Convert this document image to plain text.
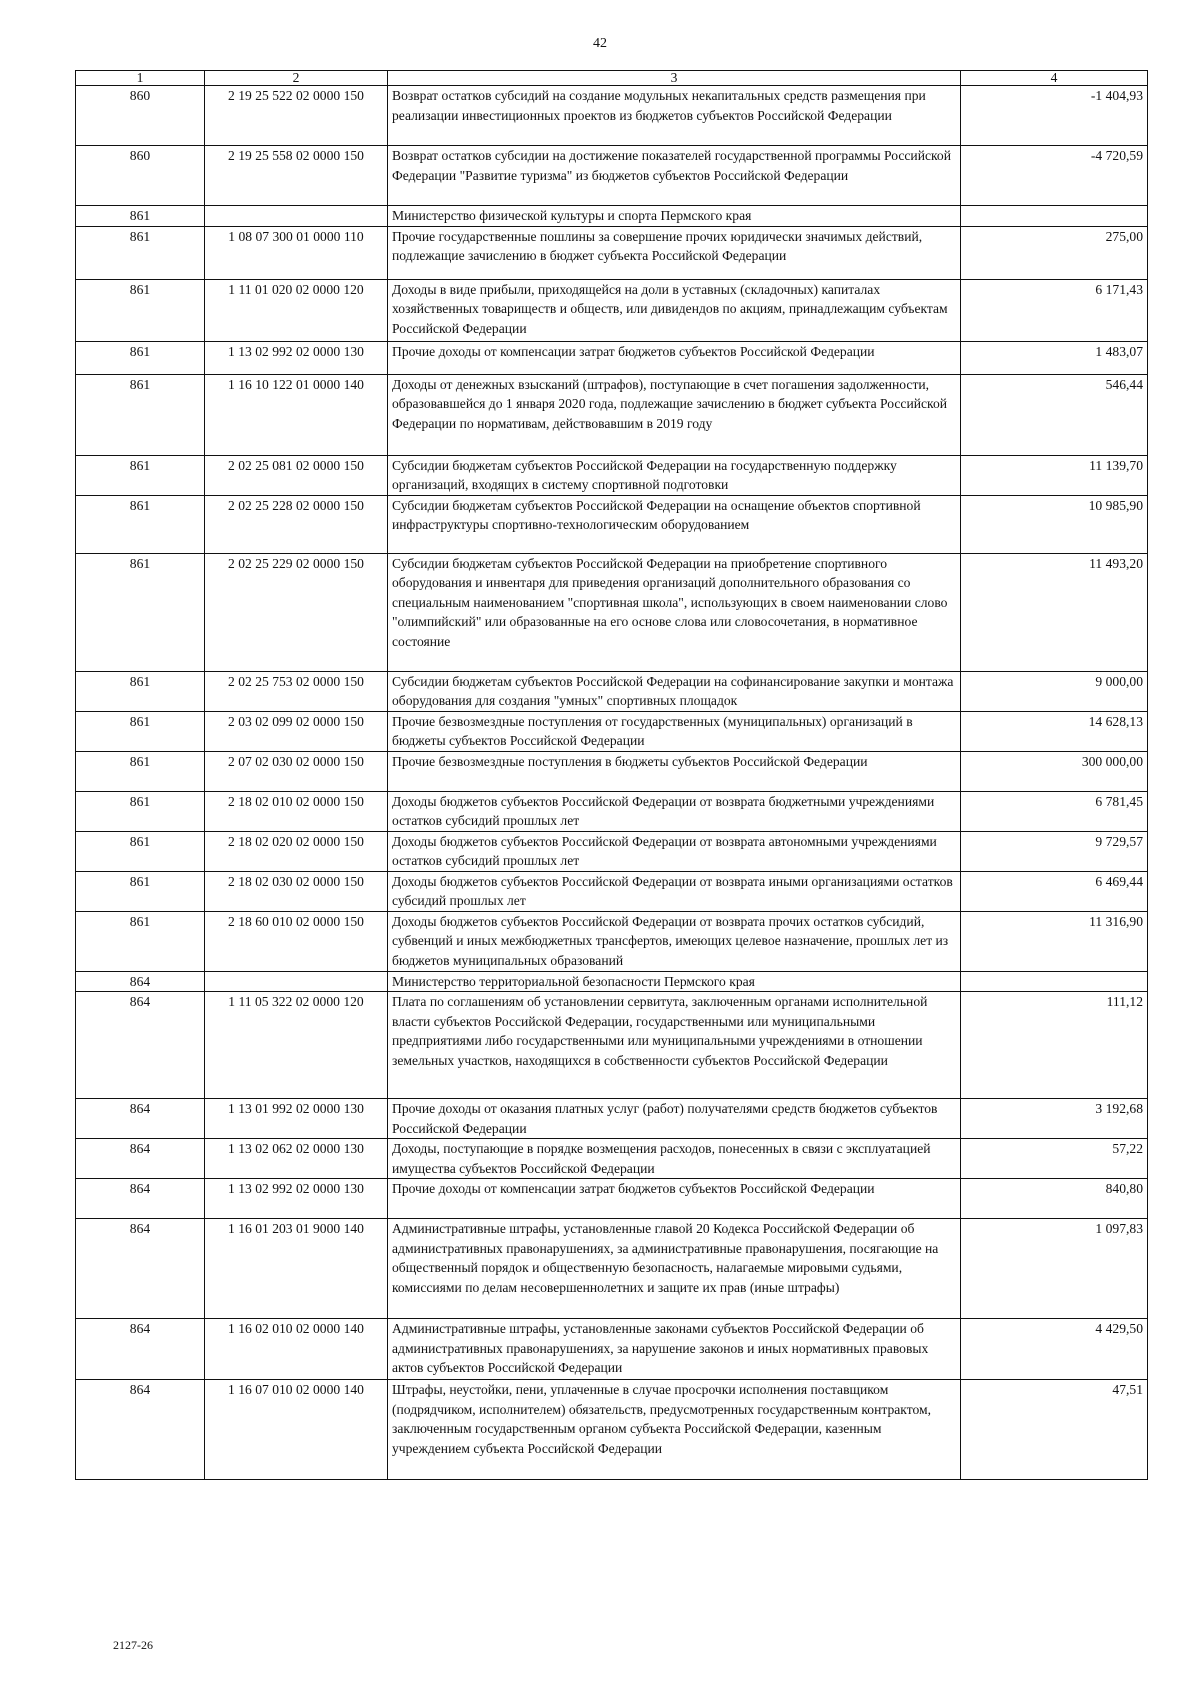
42
1	2	3	4
860	2 19 25 522 02 0000 150	Возврат остатков субсидий на создание модульных некапитальных средств размещения при реализации инвестиционных проектов из бюджетов субъектов Российской Федерации	-1 404,93
860	2 19 25 558 02 0000 150	Возврат остатков субсидии на достижение показателей государственной программы Российской Федерации "Развитие туризма" из бюджетов субъектов Российской Федерации	-4 720,59
861		Министерство физической культуры и спорта Пермского края	
861	1 08 07 300 01 0000 110	Прочие государственные пошлины за совершение прочих юридически значимых действий, подлежащие зачислению в бюджет субъекта Российской Федерации	275,00
861	1 11 01 020 02 0000 120	Доходы в виде прибыли, приходящейся на доли в уставных (складочных) капиталах хозяйственных товариществ и обществ, или дивидендов по акциям, принадлежащим субъектам Российской Федерации	6 171,43
861	1 13 02 992 02 0000 130	Прочие доходы от компенсации затрат бюджетов субъектов Российской Федерации	1 483,07
861	1 16 10 122 01 0000 140	Доходы от денежных взысканий (штрафов), поступающие в счет погашения задолженности, образовавшейся до 1 января 2020 года, подлежащие зачислению в бюджет субъекта Российской Федерации по нормативам, действовавшим в 2019 году	546,44
861	2 02 25 081 02 0000 150	Субсидии бюджетам субъектов Российской Федерации на государственную поддержку организаций, входящих в систему спортивной подготовки	11 139,70
861	2 02 25 228 02 0000 150	Субсидии бюджетам субъектов Российской Федерации на оснащение объектов спортивной инфраструктуры спортивно-технологическим оборудованием	10 985,90
861	2 02 25 229 02 0000 150	Субсидии бюджетам субъектов Российской Федерации на приобретение спортивного оборудования и инвентаря для приведения организаций дополнительного образования со специальным наименованием "спортивная школа", использующих в своем наименовании слово "олимпийский" или образованные на его основе слова или словосочетания, в нормативное состояние	11 493,20
861	2 02 25 753 02 0000 150	Субсидии бюджетам субъектов Российской Федерации на софинансирование закупки и монтажа оборудования для создания "умных" спортивных площадок	9 000,00
861	2 03 02 099 02 0000 150	Прочие безвозмездные поступления от государственных (муниципальных) организаций в бюджеты субъектов Российской Федерации	14 628,13
861	2 07 02 030 02 0000 150	Прочие безвозмездные поступления в бюджеты субъектов Российской Федерации	300 000,00
861	2 18 02 010 02 0000 150	Доходы бюджетов субъектов Российской Федерации от возврата бюджетными учреждениями остатков субсидий прошлых лет	6 781,45
861	2 18 02 020 02 0000 150	Доходы бюджетов субъектов Российской Федерации от возврата автономными учреждениями остатков субсидий прошлых лет	9 729,57
861	2 18 02 030 02 0000 150	Доходы бюджетов субъектов Российской Федерации от возврата иными организациями остатков субсидий прошлых лет	6 469,44
861	2 18 60 010 02 0000 150	Доходы бюджетов субъектов Российской Федерации от возврата прочих остатков субсидий, субвенций и иных межбюджетных трансфертов, имеющих целевое назначение, прошлых лет из бюджетов муниципальных образований	11 316,90
864		Министерство территориальной безопасности Пермского края	
864	1 11 05 322 02 0000 120	Плата по соглашениям об установлении сервитута, заключенным органами исполнительной власти субъектов Российской Федерации, государственными или муниципальными предприятиями либо государственными или муниципальными учреждениями в отношении земельных участков, находящихся в собственности субъектов Российской Федерации	111,12
864	1 13 01 992 02 0000 130	Прочие доходы от оказания платных услуг (работ) получателями средств бюджетов субъектов Российской Федерации	3 192,68
864	1 13 02 062 02 0000 130	Доходы, поступающие в порядке возмещения расходов, понесенных в связи с эксплуатацией имущества субъектов Российской Федерации	57,22
864	1 13 02 992 02 0000 130	Прочие доходы от компенсации затрат бюджетов субъектов Российской Федерации	840,80
864	1 16 01 203 01 9000 140	Административные штрафы, установленные главой 20 Кодекса Российской Федерации об административных правонарушениях, за административные правонарушения, посягающие на общественный порядок и общественную безопасность, налагаемые мировыми судьями, комиссиями по делам несовершеннолетних и защите их прав (иные штрафы)	1 097,83
864	1 16 02 010 02 0000 140	Административные штрафы, установленные законами субъектов Российской Федерации об административных правонарушениях, за нарушение законов и иных нормативных правовых актов субъектов Российской Федерации	4 429,50
864	1 16 07 010 02 0000 140	Штрафы, неустойки, пени, уплаченные в случае просрочки исполнения поставщиком (подрядчиком, исполнителем) обязательств, предусмотренных государственным контрактом, заключенным государственным органом субъекта Российской Федерации, казенным учреждением субъекта Российской Федерации	47,51
2127-26
